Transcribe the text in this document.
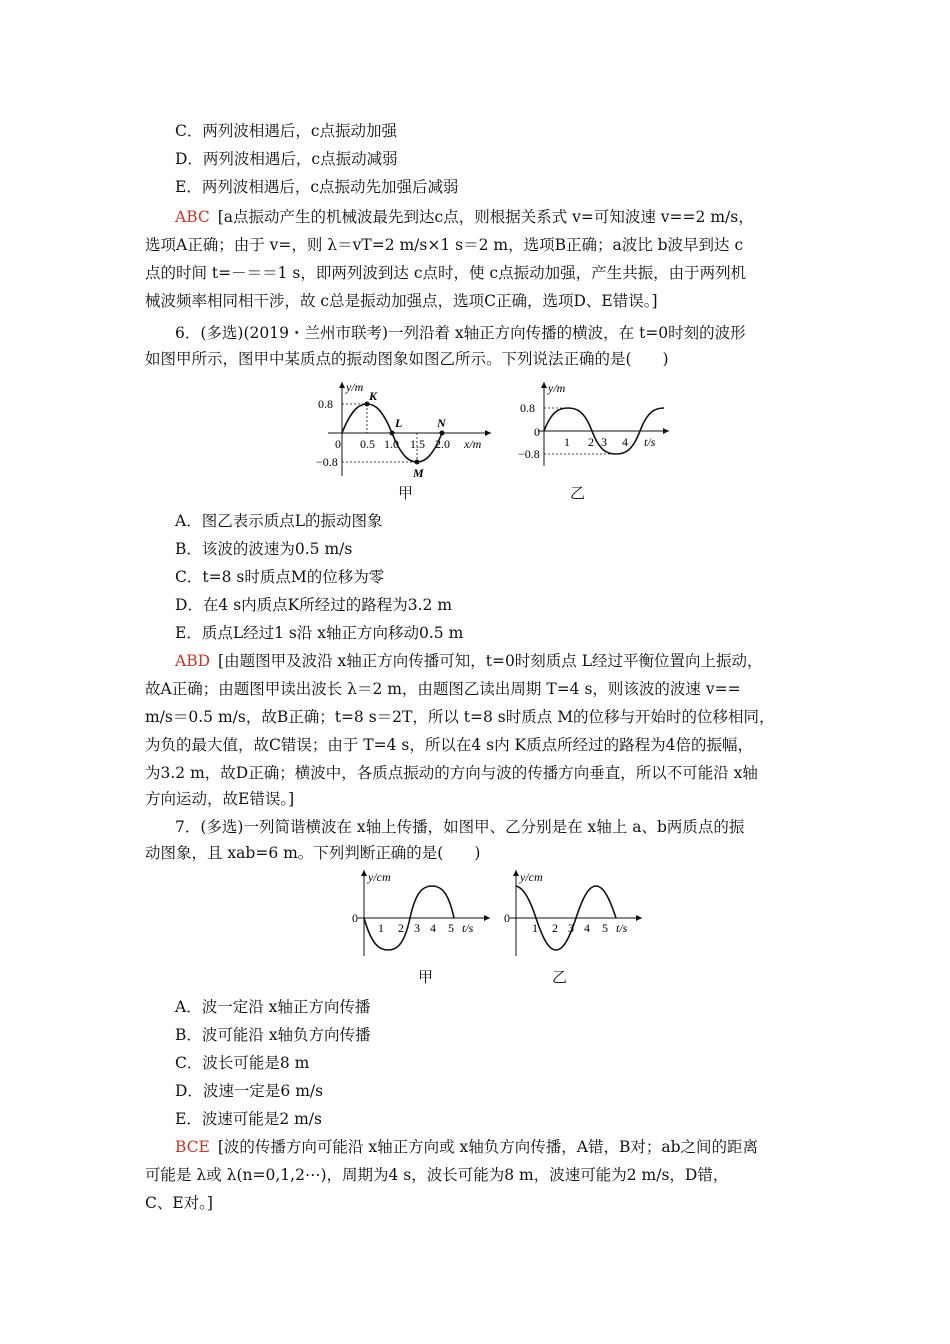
C．两列波相遇后，c点振动加强
D．两列波相遇后，c点振动减弱
E．两列波相遇后，c点振动先加强后减弱
ABC [a点振动产生的机械波最先到达c点，则根据关系式 v=可知波速 v==2 m/s，
选项A正确；由于 v=，则 λ＝vT=2 m/s×1 s＝2 m，选项B正确；a波比 b波早到达 c
点的时间 t=－＝＝1 s，即两列波到达 c点时，使 c点振动加强，产生共振，由于两列机
械波频率相同相干涉，故 c总是振动加强点，选项C正确，选项D、E错误。]
6．(多选)(2019・兰州市联考)一列沿着 x轴正方向传播的横波，在 t=0时刻的波形
如图甲所示，图甲中某质点的振动图象如图乙所示。下列说法正确的是(　　)
y/m
0.8
−0.8
0 0.5 1.0 1.5 2.0 x/m
K
L
M
N
甲
y/m
0.8
−0.8
0
1 2 3 4 t/s
乙
A．图乙表示质点L的振动图象
B．该波的波速为0.5 m/s
C．t=8 s时质点M的位移为零
D．在4 s内质点K所经过的路程为3.2 m
E．质点L经过1 s沿 x轴正方向移动0.5 m
ABD [由题图甲及波沿 x轴正方向传播可知，t=0时刻质点 L经过平衡位置向上振动，
故A正确；由题图甲读出波长 λ＝2 m，由题图乙读出周期 T=4 s，则该波的波速 v==
m/s＝0.5 m/s，故B正确；t=8 s＝2T，所以 t=8 s时质点 M的位移与开始时的位移相同，
为负的最大值，故C错误；由于 T=4 s，所以在4 s内 K质点所经过的路程为4倍的振幅，
为3.2 m，故D正确；横波中，各质点振动的方向与波的传播方向垂直，所以不可能沿 x轴
方向运动，故E错误。]
7．(多选)一列简谐横波在 x轴上传播，如图甲、乙分别是在 x轴上 a、b两质点的振
动图象，且 xab=6 m。下列判断正确的是(　　)
y/cm
0
1 2 3 4 5 t/s
甲
y/cm
0
1 2 3 4 5 t/s
乙
A．波一定沿 x轴正方向传播
B．波可能沿 x轴负方向传播
C．波长可能是8 m
D．波速一定是6 m/s
E．波速可能是2 m/s
BCE [波的传播方向可能沿 x轴正方向或 x轴负方向传播，A错，B对；ab之间的距离
可能是 λ或 λ(n=0,1,2⋯)，周期为4 s，波长可能为8 m，波速可能为2 m/s，D错，
C、E对。]
